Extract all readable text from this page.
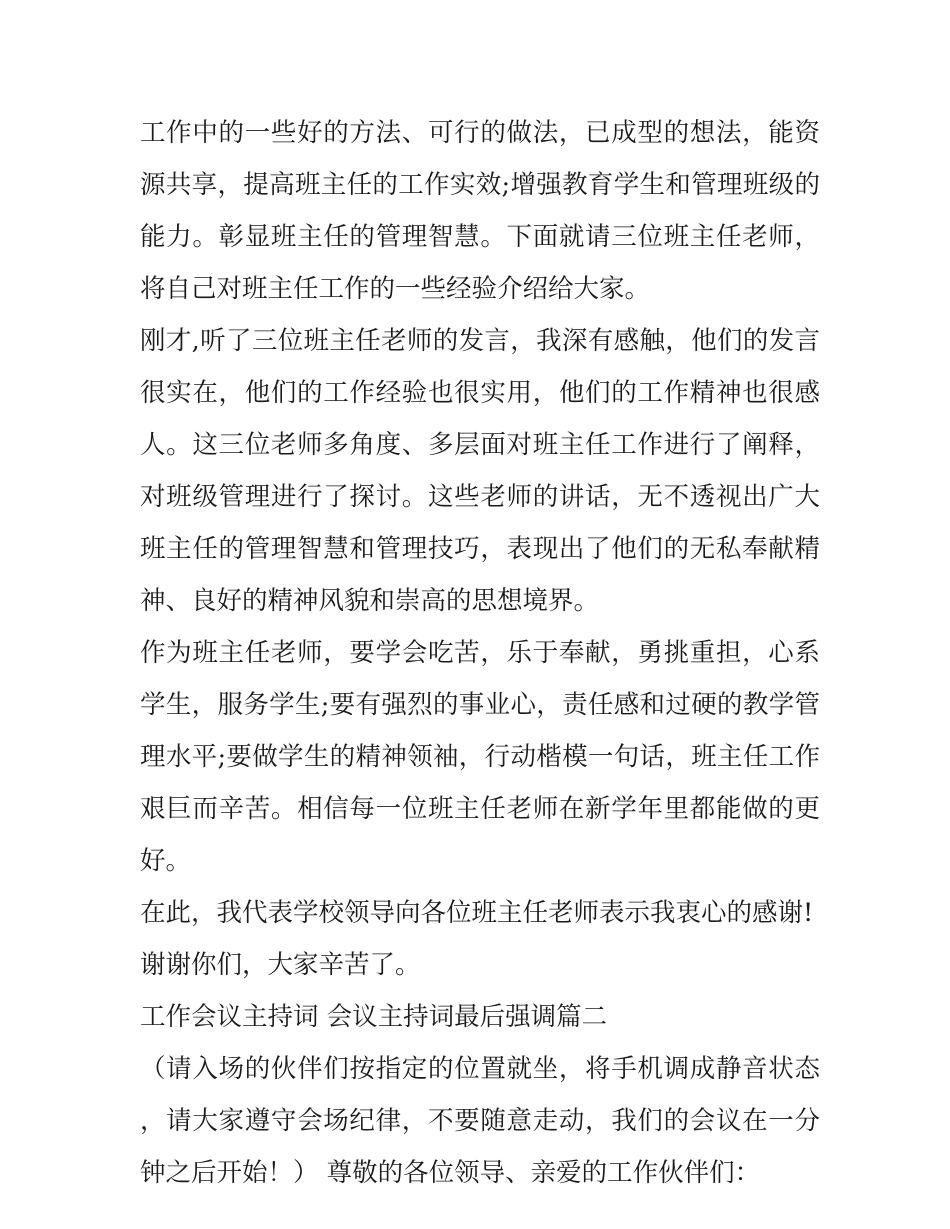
工作中的一些好的方法、可行的做法，已成型的想法，能资源共享，提高班主任的工作实效;增强教育学生和管理班级的能力。彰显班主任的管理智慧。下面就请三位班主任老师，将自己对班主任工作的一些经验介绍给大家。

刚才,听了三位班主任老师的发言，我深有感触，他们的发言很实在，他们的工作经验也很实用，他们的工作精神也很感人。这三位老师多角度、多层面对班主任工作进行了阐释，对班级管理进行了探讨。这些老师的讲话，无不透视出广大班主任的管理智慧和管理技巧，表现出了他们的无私奉献精神、良好的精神风貌和崇高的思想境界。

作为班主任老师，要学会吃苦，乐于奉献，勇挑重担，心系学生，服务学生;要有强烈的事业心，责任感和过硬的教学管理水平;要做学生的精神领袖，行动楷模一句话，班主任工作艰巨而辛苦。相信每一位班主任老师在新学年里都能做的更好。

在此，我代表学校领导向各位班主任老师表示我衷心的感谢!

谢谢你们，大家辛苦了。

工作会议主持词 会议主持词最后强调篇二

（请入场的伙伴们按指定的位置就坐，将手机调成静音状态，请大家遵守会场纪律，不要随意走动，我们的会议在一分钟之后开始！） 尊敬的各位领导、亲爱的工作伙伴们：
